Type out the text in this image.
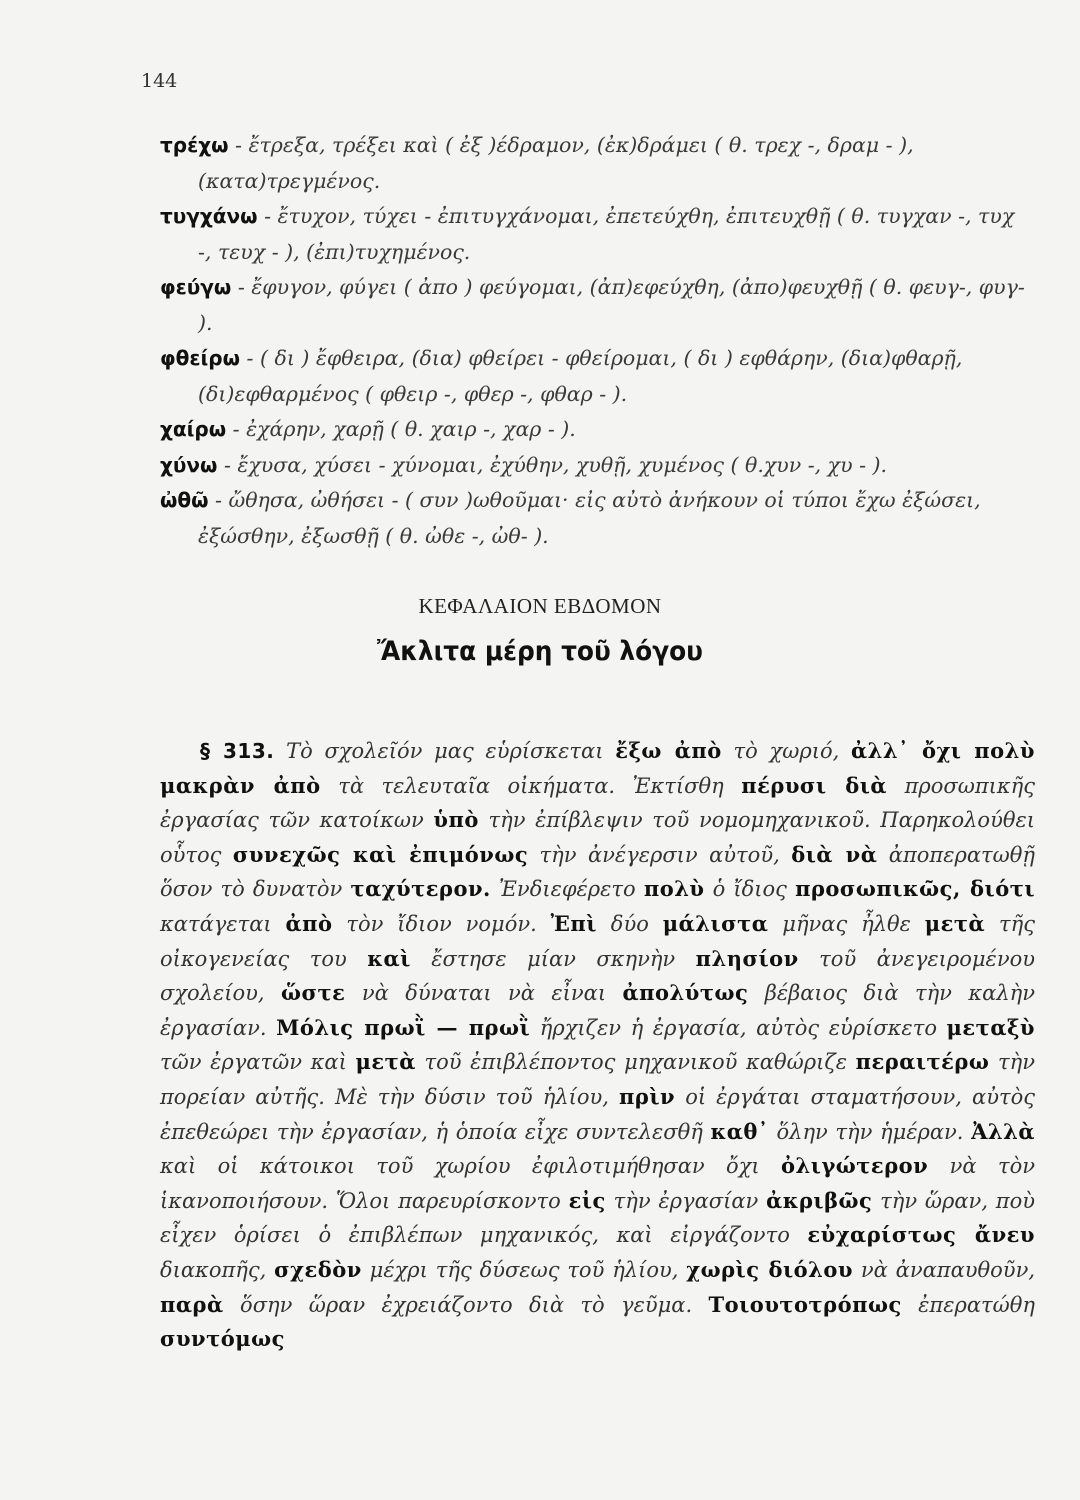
144

τρέχω - ἔτρεξα, τρέξει καὶ ( ἐξ )έδραμον, (ἐκ)δράμει ( θ. τρεχ -, δραμ - ), (κατα)τρεγμένος.

τυγχάνω - ἔτυχον, τύχει - ἐπιτυγχάνομαι, ἐπετεύχθη, ἐπιτευχθῇ ( θ. τυγχαν -, τυχ -, τευχ - ), (ἐπι)τυχημένος.

φεύγω - ἔφυγον, φύγει ( ἀπο ) φεύγομαι, (ἀπ)εφεύχθη, (ἀπο)φευχθῇ ( θ. φευγ-, φυγ- ).

φθείρω - ( δι ) ἔφθειρα, (δια) φθείρει - φθείρομαι, ( δι ) εφθάρην, (δια)φθαρῇ, (δι)εφθαρμένος ( φθειρ -, φθερ -, φθαρ - ).

χαίρω - ἐχάρην, χαρῇ ( θ. χαιρ -, χαρ - ).

χύνω - ἔχυσα, χύσει - χύνομαι, ἐχύθην, χυθῇ, χυμένος ( θ.χυν -, χυ - ).

ὠθῶ - ὤθησα, ὠθήσει - ( συν )ωθοῦμαι· εἰς αὐτὸ ἀνήκουν οἱ τύποι ἔχω ἐξώσει, ἐξώσθην, ἐξωσθῇ ( θ. ὠθε -, ὠθ- ).

ΚΕΦΑΛΑΙΟΝ ΕΒΔΟΜΟΝ
Ἄκλιτα μέρη τοῦ λόγου

§ 313. Τὸ σχολεῖόν μας εὑρίσκεται ἔξω ἀπὸ τὸ χωριό, ἀλλ᾽ ὄχι πολὺ μακρὰν ἀπὸ τὰ τελευταῖα οἰκήματα. Ἐκτίσθη πέρυσι διὰ προσωπικῆς ἐργασίας τῶν κατοίκων ὑπὸ τὴν ἐπίβλεψιν τοῦ νομομηχανικοῦ. Παρηκολούθει οὗτος συνεχῶς καὶ ἐπιμόνως τὴν ἀνέγερσιν αὐτοῦ, διὰ νὰ ἀποπερατωθῇ ὅσον τὸ δυνατὸν ταχύτερον. Ἐνδιεφέρετο πολὺ ὁ ἴδιος προσωπικῶς, διότι κατάγεται ἀπὸ τὸν ἴδιον νομόν. Ἐπὶ δύο μάλιστα μῆνας ἦλθε μετὰ τῆς οἰκογενείας του καὶ ἔστησε μίαν σκηνὴν πλησίον τοῦ ἀνεγειρομένου σχολείου, ὥστε νὰ δύναται νὰ εἶναι ἀπολύτως βέβαιος διὰ τὴν καλὴν ἐργασίαν. Μόλις πρωῒ — πρωῒ ἤρχιζεν ἡ ἐργασία, αὐτὸς εὑρίσκετο μεταξὺ τῶν ἐργατῶν καὶ μετὰ τοῦ ἐπιβλέποντος μηχανικοῦ καθώριζε περαιτέρω τὴν πορείαν αὐτῆς. Μὲ τὴν δύσιν τοῦ ἡλίου, πρὶν οἱ ἐργάται σταματήσουν, αὐτὸς ἐπεθεώρει τὴν ἐργασίαν, ἡ ὁποία εἶχε συντελεσθῆ καθ᾽ ὅλην τὴν ἡμέραν. Ἀλλὰ καὶ οἱ κάτοικοι τοῦ χωρίου ἐφιλοτιμήθησαν ὄχι ὀλιγώτερον νὰ τὸν ἱκανοποιήσουν. Ὅλοι παρευρίσκοντο εἰς τὴν ἐργασίαν ἀκριβῶς τὴν ὥραν, ποὺ εἶχεν ὁρίσει ὁ ἐπιβλέπων μηχανικός, καὶ εἰργάζοντο εὐχαρίστως ἄνευ διακοπῆς, σχεδὸν μέχρι τῆς δύσεως τοῦ ἡλίου, χωρὶς διόλου νὰ ἀναπαυθοῦν, παρὰ ὅσην ὥραν ἐχρειάζοντο διὰ τὸ γεῦμα. Τοιουτοτρόπως ἐπερατώθη συντόμως
